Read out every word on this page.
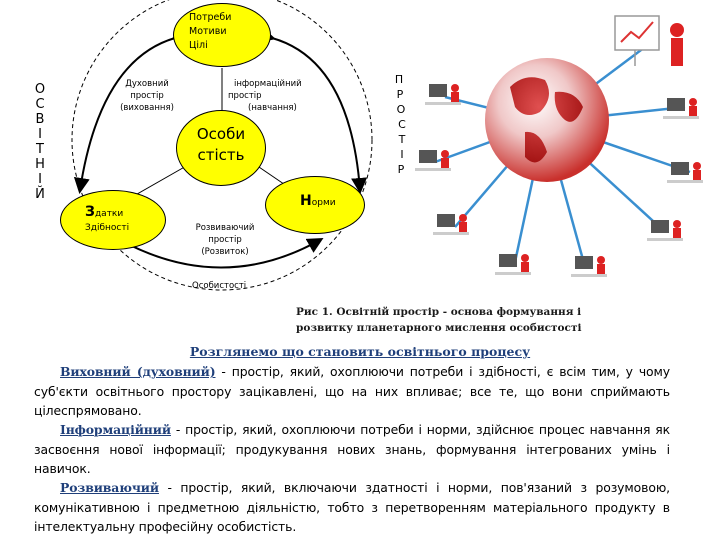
Потреби
Мотиви
Цілі
Особи
стість
Здатки
Здібності
Норми
Духовний
простір
(виховання)
інформаційний
простір
(навчання)
Розвиваючий
простір
(Розвиток)
Особистості
О
С
В
І
Т
Н
І
Й
П
Р
О
С
Т
І
Р
Рис 1. Освітній простір - основа формування і
розвитку планетарного мислення особистості
Розглянемо що становить освітнього процесу
Виховний (духовний) - простір, який, охоплюючи потреби і здібності, є всім тим, у чому суб'єкти освітнього простору зацікавлені, що на них впливає; все те, що вони сприймають цілеспрямовано.
Інформаційний - простір, який, охоплюючи потреби і норми, здійснює процес навчання як засвоєння нової інформації; продукування нових знань, формування інтегрованих умінь і навичок.
Розвиваючий - простір, який, включаючи здатності і норми, пов'язаний з розумовою, комунікативною і предметною діяльністю, тобто з перетворенням матеріального продукту в інтелектуальну професійну особистість.
